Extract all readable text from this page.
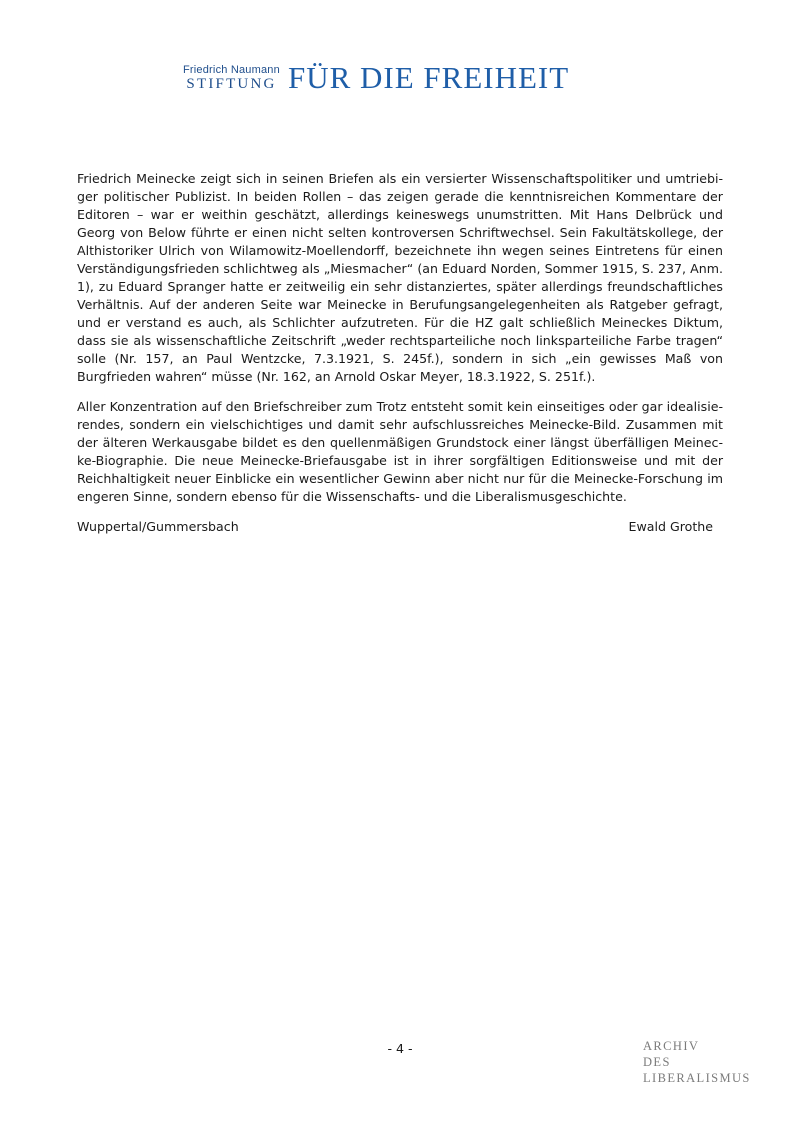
Friedrich Naumann
STIFTUNG FÜR DIE FREIHEIT

Friedrich Meinecke zeigt sich in seinen Briefen als ein versierter Wissenschaftspolitiker und umtriebiger politischer Publizist. In beiden Rollen – das zeigen gerade die kenntnisreichen Kommentare der Editoren – war er weithin geschätzt, allerdings keineswegs unumstritten. Mit Hans Delbrück und Georg von Below führte er einen nicht selten kontroversen Schriftwechsel. Sein Fakultätskollege, der Althistoriker Ulrich von Wilamowitz-Moellendorff, bezeichnete ihn wegen seines Eintretens für einen Verständigungsfrieden schlichtweg als „Miesmacher“ (an Eduard Norden, Sommer 1915, S. 237, Anm. 1), zu Eduard Spranger hatte er zeitweilig ein sehr distanziertes, später allerdings freundschaftliches Verhältnis. Auf der anderen Seite war Meinecke in Berufungsangelegenheiten als Ratgeber gefragt, und er verstand es auch, als Schlichter aufzutreten. Für die HZ galt schließlich Meineckes Diktum, dass sie als wissenschaftliche Zeitschrift „weder rechtsparteiliche noch linksparteiliche Farbe tragen“ solle (Nr. 157, an Paul Wentzcke, 7.3.1921, S. 245f.), sondern in sich „ein gewisses Maß von Burgfrieden wahren“ müsse (Nr. 162, an Arnold Oskar Meyer, 18.3.1922, S. 251f.).

Aller Konzentration auf den Briefschreiber zum Trotz entsteht somit kein einseitiges oder gar idealisierendes, sondern ein vielschichtiges und damit sehr aufschlussreiches Meinecke-Bild. Zusammen mit der älteren Werkausgabe bildet es den quellenmäßigen Grundstock einer längst überfälligen Meinecke-Biographie. Die neue Meinecke-Briefausgabe ist in ihrer sorgfältigen Editionsweise und mit der Reichhaltigkeit neuer Einblicke ein wesentlicher Gewinn aber nicht nur für die Meinecke-Forschung im engeren Sinne, sondern ebenso für die Wissenschafts- und die Liberalismusgeschichte.

Wuppertal/Gummersbach	Ewald Grothe
- 4 -	ARCHIV
DES
LIBERALISMUS
